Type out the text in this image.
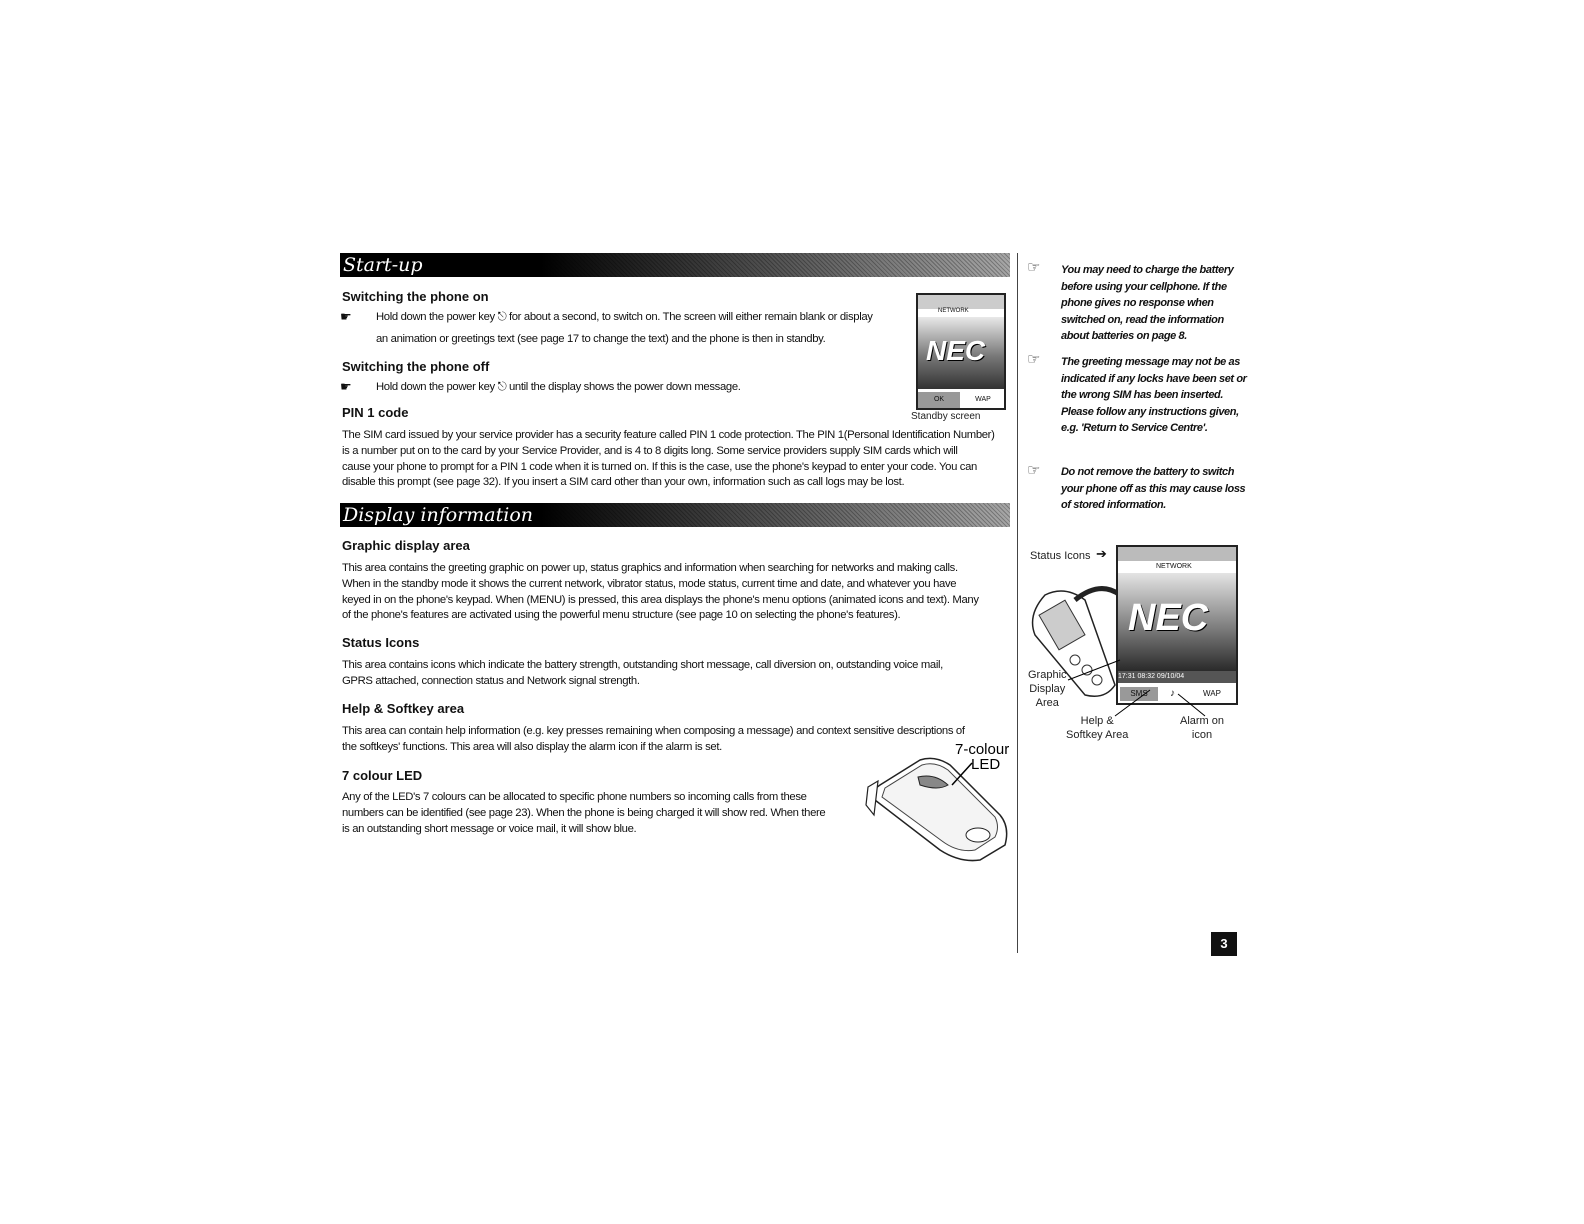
Start-up
Switching the phone on
☛ Hold down the power key ⎋ for about a second, to switch on. The screen will either remain blank or display
an animation or greetings text (see page 17 to change the text) and the phone is then in standby.
Switching the phone off
☛ Hold down the power key ⎋ until the display shows the power down message.
PIN 1 code
The SIM card issued by your service provider has a security feature called PIN 1 code protection. The PIN 1(Personal Identification Number)
is a number put on to the card by your Service Provider, and is 4 to 8 digits long. Some service providers supply SIM cards which will
cause your phone to prompt for a PIN 1 code when it is turned on. If this is the case, use the phone's keypad to enter your code. You can
disable this prompt (see page 32). If you insert a SIM card other than your own, information such as call logs may be lost.
NETWORK
NEC
OK	WAP
Standby screen
Display information
Graphic display area
This area contains the greeting graphic on power up, status graphics and information when searching for networks and making calls.
When in the standby mode it shows the current network, vibrator status, mode status, current time and date, and whatever you have
keyed in on the phone's keypad. When (MENU) is pressed, this area displays the phone's menu options (animated icons and text). Many
of the phone's features are activated using the powerful menu structure (see page 10 on selecting the phone's features).
Status Icons
This area contains icons which indicate the battery strength, outstanding short message, call diversion on, outstanding voice mail,
GPRS attached, connection status and Network signal strength.
Help & Softkey area
This area can contain help information (e.g. key presses remaining when composing a message) and context sensitive descriptions of
the softkeys' functions. This area will also display the alarm icon if the alarm is set.
7 colour LED
Any of the LED's 7 colours can be allocated to specific phone numbers so incoming calls from these
numbers can be identified (see page 23). When the phone is being charged it will show red. When there
is an outstanding short message or voice mail, it will show blue.
7-colour
LED
☞ You may need to charge the battery before using your cellphone. If the phone gives no response when switched on, read the information about batteries on page 8.
☞ The greeting message may not be as indicated if any locks have been set or the wrong SIM has been inserted. Please follow any instructions given, e.g. 'Return to Service Centre'.
☞ Do not remove the battery to switch your phone off as this may cause loss of stored information.
Status Icons ➔
NETWORK
NEC
17:31 08:32 09/10/04
SMS	♪	WAP
Graphic
Display
Area
Help &
Softkey Area
Alarm on
icon
3
